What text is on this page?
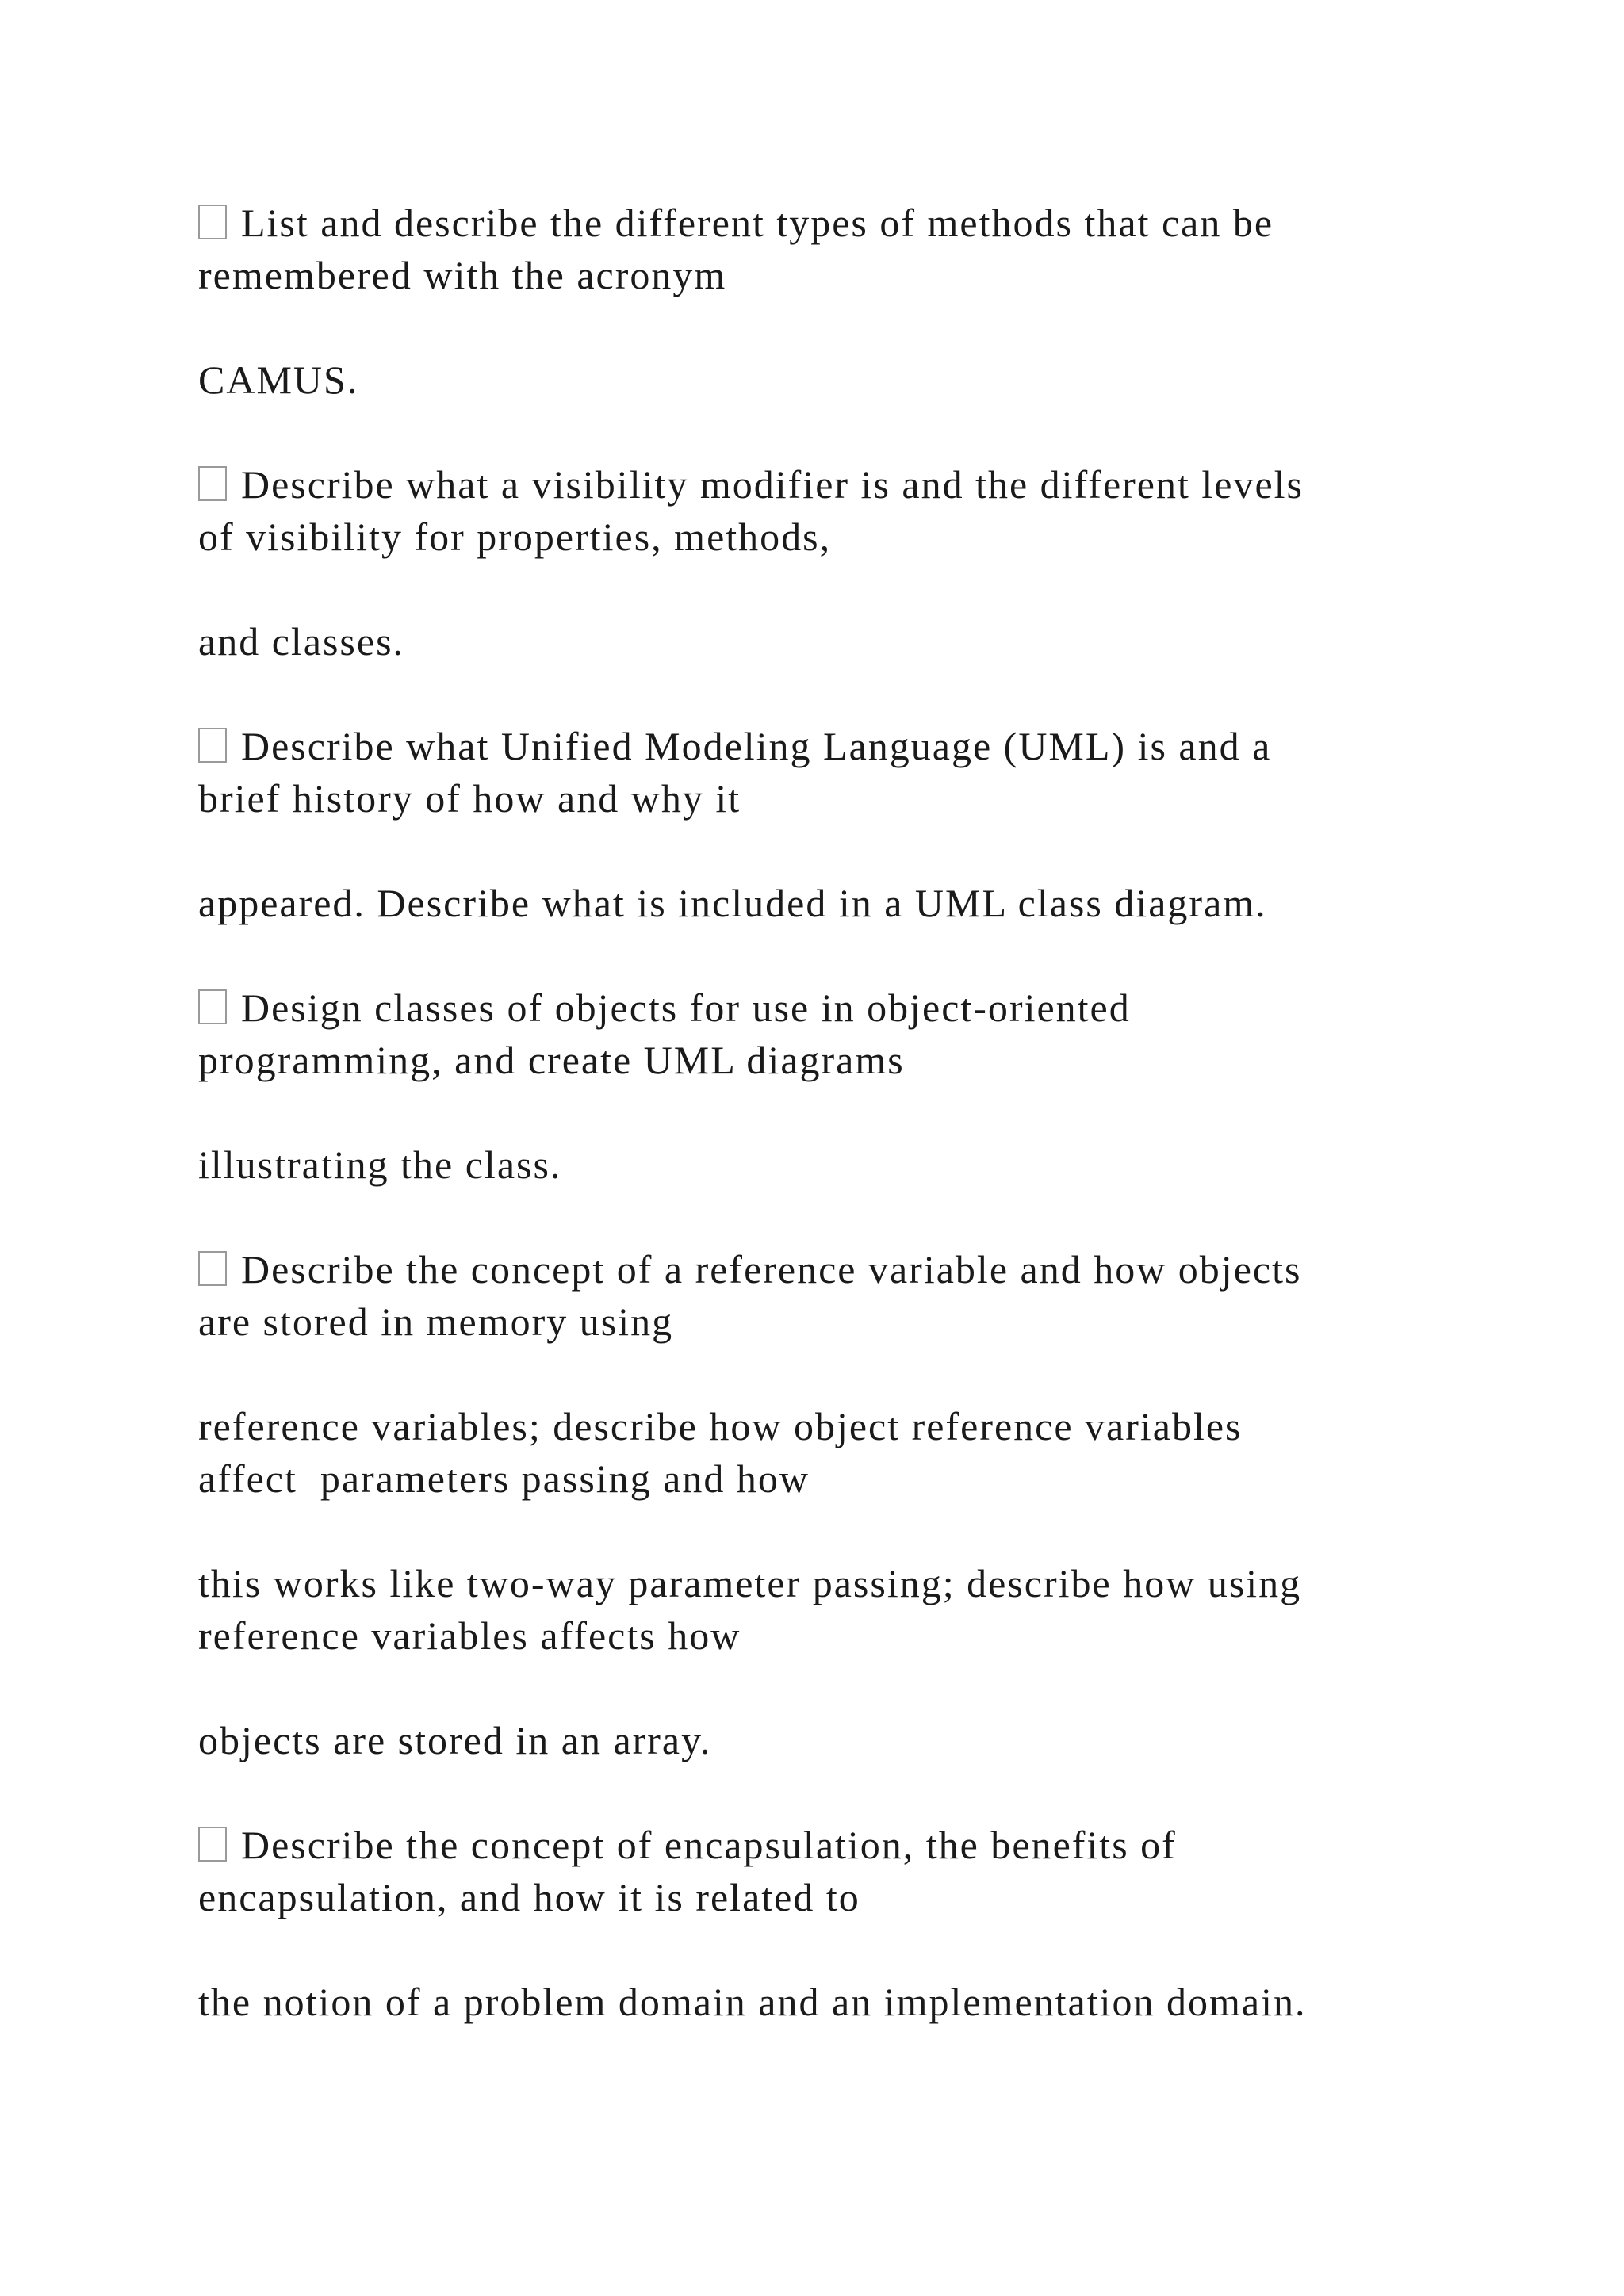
List and describe the different types of methods that can be

remembered with the acronym

CAMUS.

Describe what a visibility modifier is and the different levels

of visibility for properties, methods,

and classes.

Describe what Unified Modeling Language (UML) is and a

brief history of how and why it

appeared. Describe what is included in a UML class diagram.

Design classes of objects for use in object-oriented

programming, and create UML diagrams

illustrating the class.

Describe the concept of a reference variable and how objects

are stored in memory using

reference variables; describe how object reference variables

affect  parameters passing and how

this works like two-way parameter passing; describe how using

reference variables affects how

objects are stored in an array.

Describe the concept of encapsulation, the benefits of

encapsulation, and how it is related to

the notion of a problem domain and an implementation domain.
